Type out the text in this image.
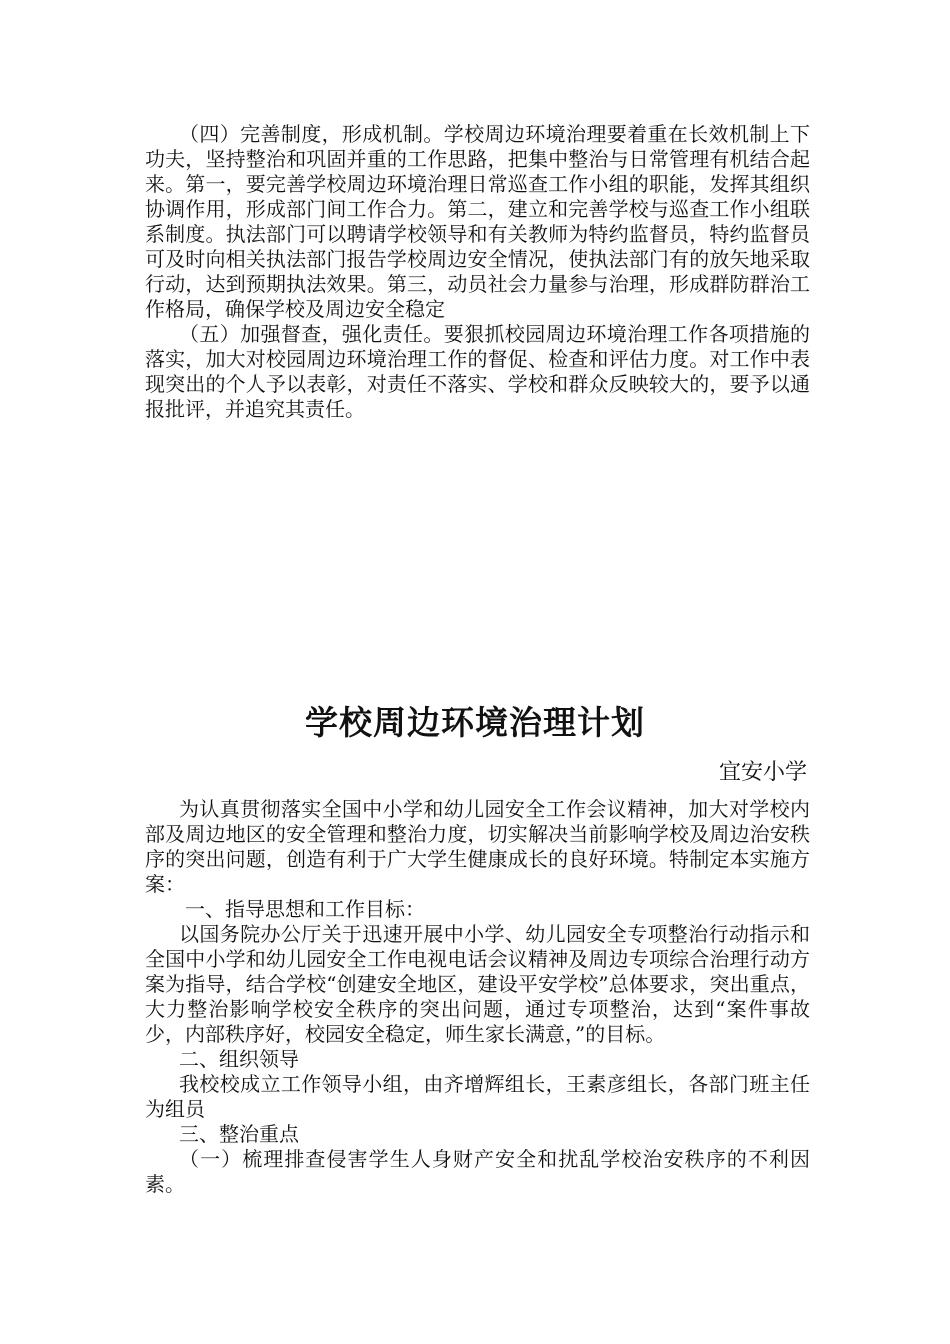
（四）完善制度，形成机制。学校周边环境治理要着重在长效机制上下功夫，坚持整治和巩固并重的工作思路，把集中整治与日常管理有机结合起来。第一，要完善学校周边环境治理日常巡查工作小组的职能，发挥其组织协调作用，形成部门间工作合力。第二，建立和完善学校与巡查工作小组联系制度。执法部门可以聘请学校领导和有关教师为特约监督员，特约监督员可及时向相关执法部门报告学校周边安全情况，使执法部门有的放矢地采取行动，达到预期执法效果。第三，动员社会力量参与治理，形成群防群治工作格局，确保学校及周边安全稳定

（五）加强督查，强化责任。要狠抓校园周边环境治理工作各项措施的落实，加大对校园周边环境治理工作的督促、检查和评估力度。对工作中表现突出的个人予以表彰，对责任不落实、学校和群众反映较大的，要予以通报批评，并追究其责任。

学校周边环境治理计划

宜安小学

为认真贯彻落实全国中小学和幼儿园安全工作会议精神，加大对学校内部及周边地区的安全管理和整治力度，切实解决当前影响学校及周边治安秩序的突出问题，创造有利于广大学生健康成长的良好环境。特制定本实施方案：

一、指导思想和工作目标：

以国务院办公厅关于迅速开展中小学、幼儿园安全专项整治行动指示和全国中小学和幼儿园安全工作电视电话会议精神及周边专项综合治理行动方案为指导，结合学校“创建安全地区，建设平安学校”总体要求，突出重点，大力整治影响学校安全秩序的突出问题，通过专项整治，达到“案件事故少，内部秩序好，校园安全稳定，师生家长满意，”的目标。

二、组织领导

我校校成立工作领导小组，由齐增辉组长，王素彦组长，各部门班主任为组员

三、整治重点

（一）梳理排查侵害学生人身财产安全和扰乱学校治安秩序的不利因素。
